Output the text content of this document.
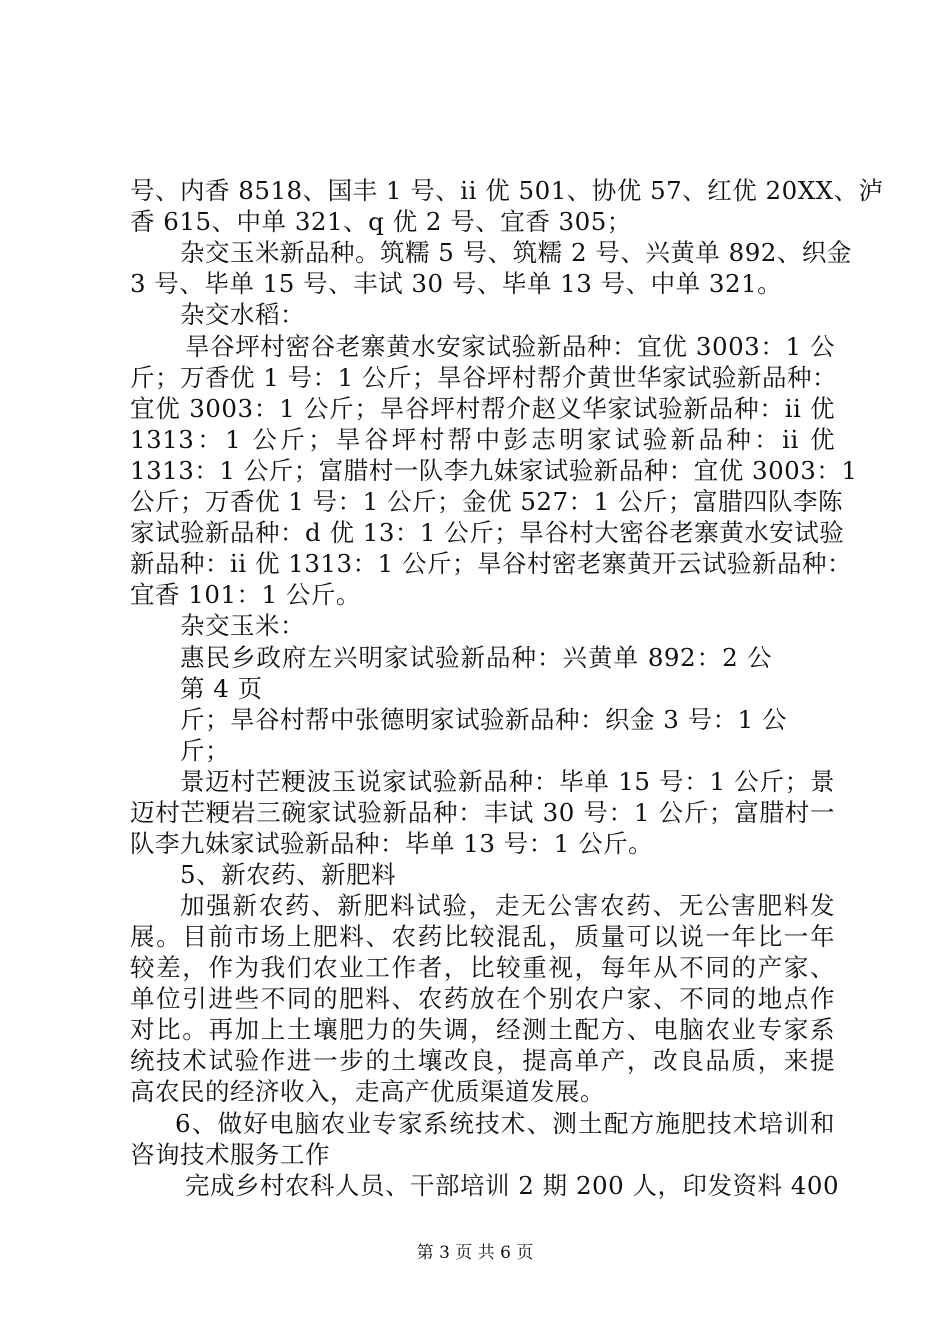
号、内香 8518、国丰 1 号、ii 优 501、协优 57、红优 20XX、泸
香 615、中单 321、q 优 2 号、宜香 305；
杂交玉米新品种。筑糯 5 号、筑糯 2 号、兴黄单 892、织金
3 号、毕单 15 号、丰试 30 号、毕单 13 号、中单 321。
杂交水稻：
旱谷坪村密谷老寨黄水安家试验新品种：宜优 3003：1 公
斤；万香优 1 号：1 公斤；旱谷坪村帮介黄世华家试验新品种：
宜优 3003：1 公斤；旱谷坪村帮介赵义华家试验新品种：ii 优
1313：1 公斤；旱谷坪村帮中彭志明家试验新品种：ii 优
1313：1 公斤；富腊村一队李九妹家试验新品种：宜优 3003：1
公斤；万香优 1 号：1 公斤；金优 527：1 公斤；富腊四队李陈
家试验新品种：d 优 13：1 公斤；旱谷村大密谷老寨黄水安试验
新品种：ii 优 1313：1 公斤；旱谷村密老寨黄开云试验新品种：
宜香 101：1 公斤。
杂交玉米：
惠民乡政府左兴明家试验新品种：兴黄单 892：2 公
第 4 页
斤；旱谷村帮中张德明家试验新品种：织金 3 号：1 公
斤；
景迈村芒粳波玉说家试验新品种：毕单 15 号：1 公斤；景
迈村芒粳岩三碗家试验新品种：丰试 30 号：1 公斤；富腊村一
队李九妹家试验新品种：毕单 13 号：1 公斤。
5、新农药、新肥料
加强新农药、新肥料试验，走无公害农药、无公害肥料发
展。目前市场上肥料、农药比较混乱，质量可以说一年比一年
较差，作为我们农业工作者，比较重视，每年从不同的产家、
单位引进些不同的肥料、农药放在个别农户家、不同的地点作
对比。再加上土壤肥力的失调，经测土配方、电脑农业专家系
统技术试验作进一步的土壤改良，提高单产，改良品质，来提
高农民的经济收入，走高产优质渠道发展。
6、做好电脑农业专家系统技术、测土配方施肥技术培训和
咨询技术服务工作
完成乡村农科人员、干部培训 2 期 200 人，印发资料 400
第 3 页 共 6 页
